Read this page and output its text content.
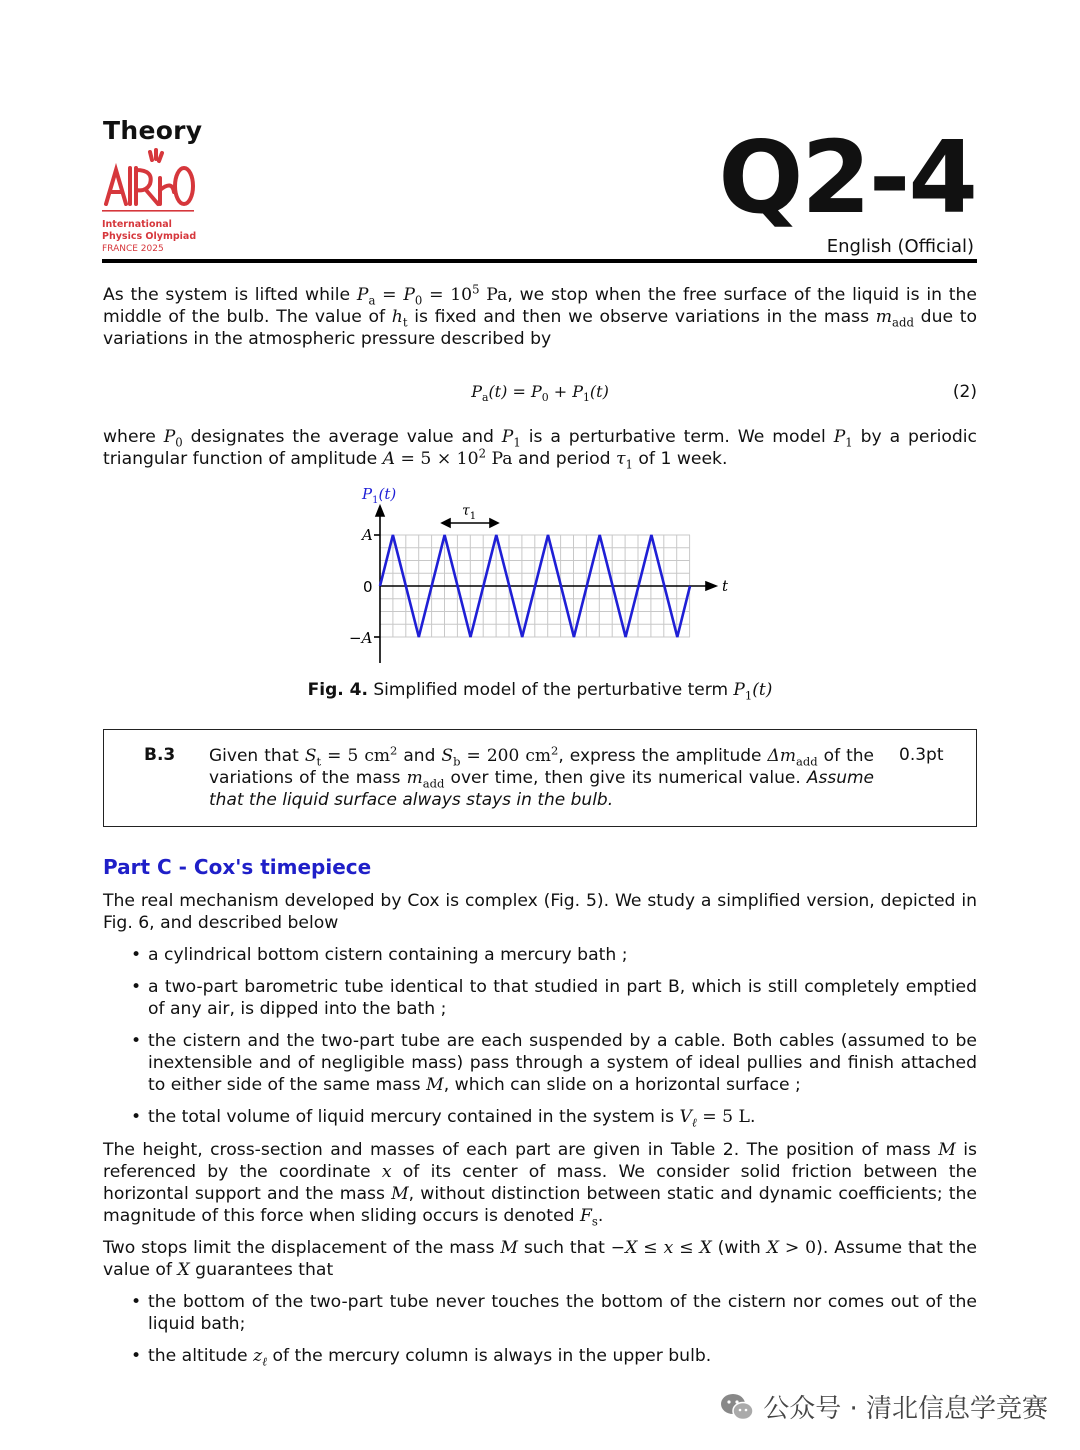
Theory
International
Physics Olympiad
FRANCE 2025
Q2-4
English (Official)
As the system is lifted while $P_a = P_0 = 10^5$ Pa, we stop when the free surface of the liquid is in the middle of the bulb. The value of $h_t$ is fixed and then we observe variations in the mass $m_{add}$ due to variations in the atmospheric pressure described by
$P_a(t) = P_0 + P_1(t)$	(2)
where $P_0$ designates the average value and $P_1$ is a perturbative term. We model $P_1$ by a periodic triangular function of amplitude $A = 5 \times 10^2$ Pa and period $\tau_1$ of 1 week.
$P_1(t)$
$\tau_1$
A
0
−A
t
Fig. 4. Simplified model of the perturbative term $P_1(t)$
B.3 Given that $S_t = 5$ $cm^2$ and $S_b = 200$ $cm^2$, express the amplitude $\Delta m_{add}$ of the variations of the mass $m_{add}$ over time, then give its numerical value. Assume that the liquid surface always stays in the bulb.
0.3pt
Part C - Cox's timepiece
The real mechanism developed by Cox is complex (Fig. 5). We study a simplified version, depicted in Fig. 6, and described below
• a cylindrical bottom cistern containing a mercury bath ;
• a two-part barometric tube identical to that studied in part B, which is still completely emptied of any air, is dipped into the bath ;
• the cistern and the two-part tube are each suspended by a cable. Both cables (assumed to be inextensible and of negligible mass) pass through a system of ideal pullies and finish attached to either side of the same mass M, which can slide on a horizontal surface ;
• the total volume of liquid mercury contained in the system is $V_\ell = 5$ L.
The height, cross-section and masses of each part are given in Table 2. The position of mass M is referenced by the coordinate x of its center of mass. We consider solid friction between the horizontal support and the mass M, without distinction between static and dynamic coefficients; the magnitude of this force when sliding occurs is denoted $F_s$.
Two stops limit the displacement of the mass M such that −X ≤ x ≤ X (with X > 0). Assume that the value of X guarantees that
• the bottom of the two-part tube never touches the bottom of the cistern nor comes out of the liquid bath;
• the altitude $z_\ell$ of the mercury column is always in the upper bulb.
公众号 · 清北信息学竞赛
